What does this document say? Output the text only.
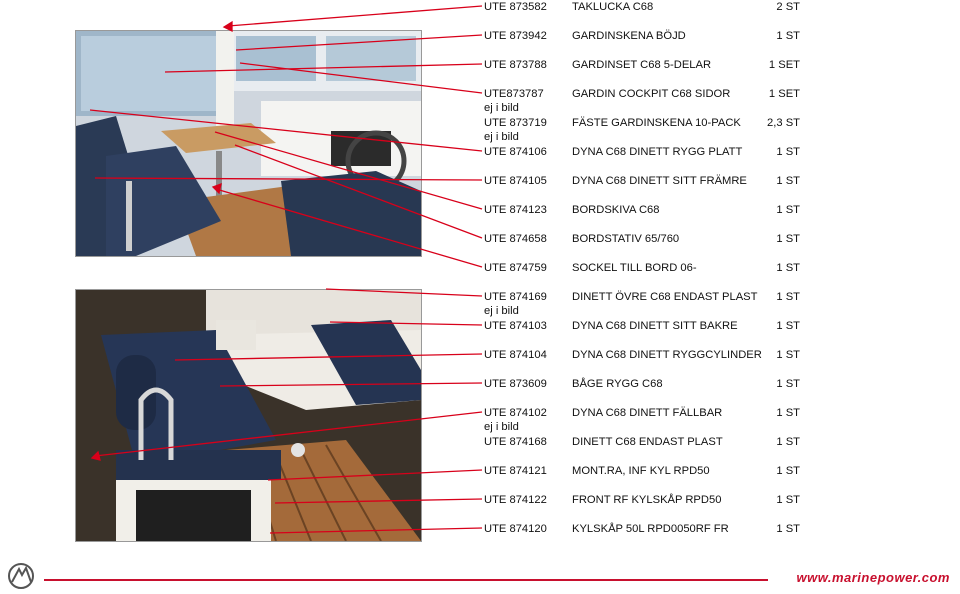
UTE 873582 TAKLUCKA C68	2 ST
UTE 873942 GARDINSKENA BÖJD	1 ST
UTE 873788 GARDINSET C68 5-DELAR	1 SET
UTE873787	GARDIN COCKPIT C68 SIDOR	1 SET
ej i bild
UTE 873719 FÄSTE GARDINSKENA 10-PACK 2,3 ST
ej i bild
UTE 874106 DYNA C68 DINETT RYGG PLATT	1 ST
UTE 874105 DYNA C68 DINETT SITT FRÄMRE	1 ST
UTE 874123 BORDSKIVA C68	1 ST
UTE 874658 BORDSTATIV 65/760	1 ST
UTE 874759 SOCKEL TILL BORD 06-	1 ST
UTE 874169 DINETT ÖVRE C68 ENDAST PLAST 1 ST
ej i bild
UTE 874103 DYNA C68 DINETT SITT BAKRE	1 ST
UTE 874104 DYNA C68 DINETT RYGGCYLINDER 1 ST
UTE 873609 BÅGE RYGG C68	1 ST
UTE 874102 DYNA C68 DINETT FÄLLBAR	1 ST
ej i bild
UTE 874168 DINETT C68 ENDAST PLAST	1 ST
UTE 874121 MONT.RA, INF KYL RPD50	1 ST
UTE 874122 FRONT RF KYLSKÅP RPD50	1 ST
UTE 874120 KYLSKÅP 50L RPD0050RF FR	1 ST
www.marinepower.com
